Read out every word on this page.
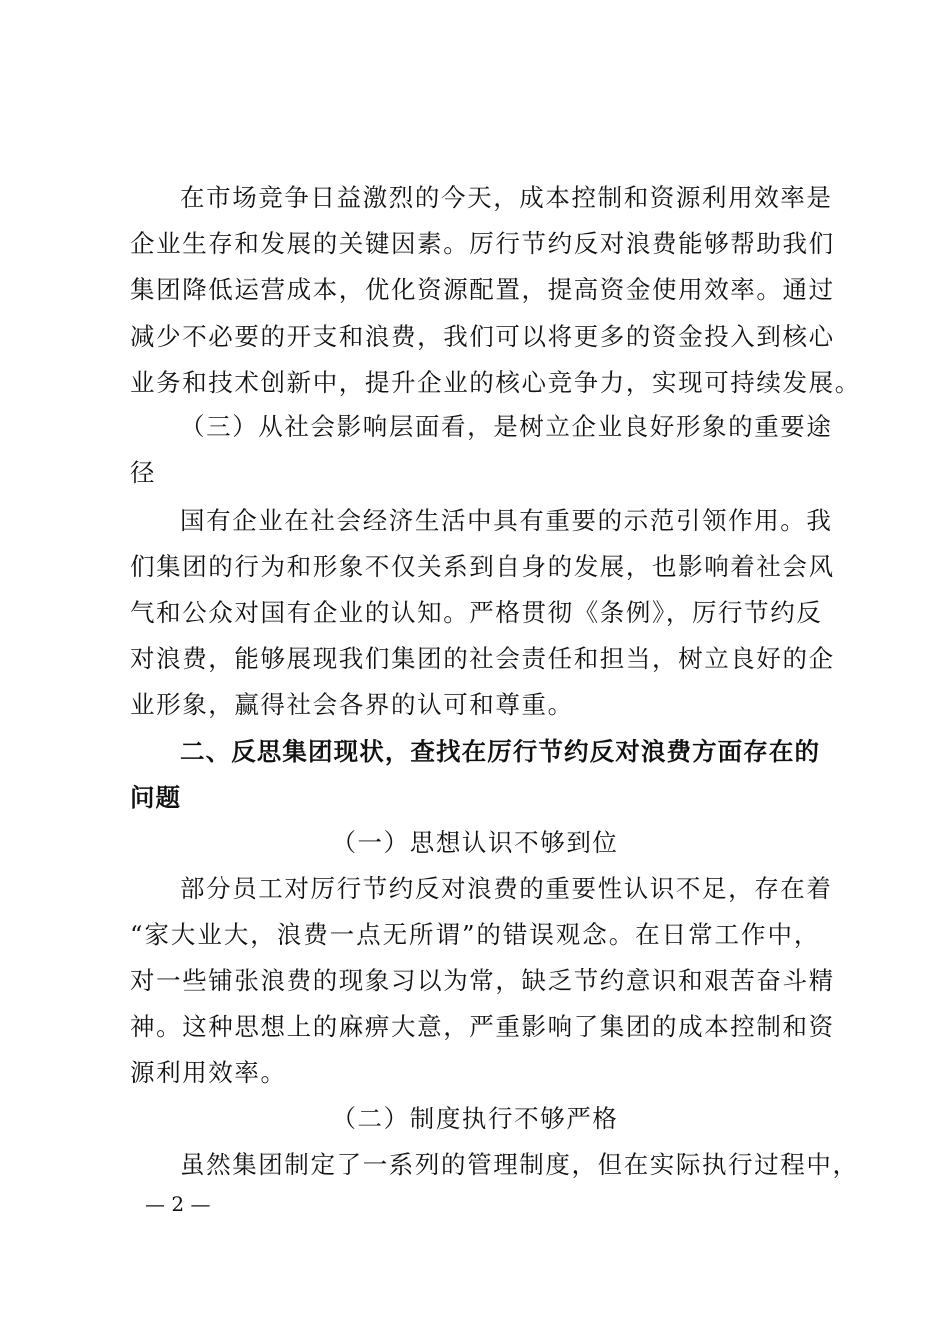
在市场竞争日益激烈的今天，成本控制和资源利用效率是
企业生存和发展的关键因素。厉行节约反对浪费能够帮助我们
集团降低运营成本，优化资源配置，提高资金使用效率。通过
减少不必要的开支和浪费，我们可以将更多的资金投入到核心
业务和技术创新中，提升企业的核心竞争力，实现可持续发展。
（三）从社会影响层面看，是树立企业良好形象的重要途
径
国有企业在社会经济生活中具有重要的示范引领作用。我
们集团的行为和形象不仅关系到自身的发展，也影响着社会风
气和公众对国有企业的认知。严格贯彻《条例》，厉行节约反
对浪费，能够展现我们集团的社会责任和担当，树立良好的企
业形象，赢得社会各界的认可和尊重。
二、反思集团现状，查找在厉行节约反对浪费方面存在的
问题
（一）思想认识不够到位
部分员工对厉行节约反对浪费的重要性认识不足，存在着
“家大业大，浪费一点无所谓”的错误观念。在日常工作中，
对一些铺张浪费的现象习以为常，缺乏节约意识和艰苦奋斗精
神。这种思想上的麻痹大意，严重影响了集团的成本控制和资
源利用效率。
（二）制度执行不够严格
虽然集团制定了一系列的管理制度，但在实际执行过程中，
— 2 —
